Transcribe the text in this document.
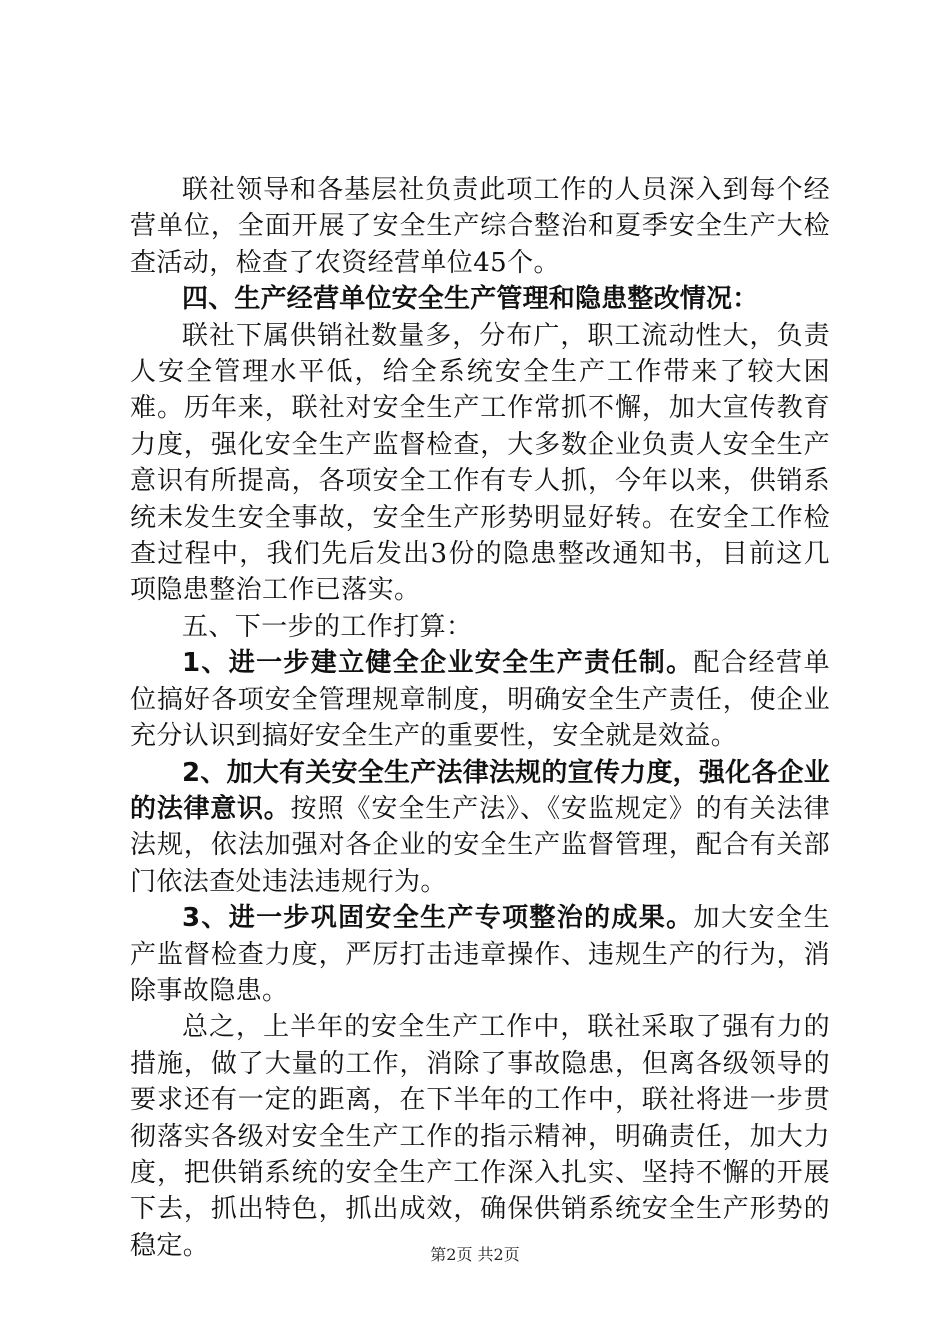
联社领导和各基层社负责此项工作的人员深入到每个经营单位，全面开展了安全生产综合整治和夏季安全生产大检查活动，检查了农资经营单位45个。

四、生产经营单位安全生产管理和隐患整改情况：

联社下属供销社数量多，分布广，职工流动性大，负责人安全管理水平低，给全系统安全生产工作带来了较大困难。历年来，联社对安全生产工作常抓不懈，加大宣传教育力度，强化安全生产监督检查，大多数企业负责人安全生产意识有所提高，各项安全工作有专人抓，今年以来，供销系统未发生安全事故，安全生产形势明显好转。在安全工作检查过程中，我们先后发出3份的隐患整改通知书，目前这几项隐患整治工作已落实。

五、下一步的工作打算：

1、进一步建立健全企业安全生产责任制。配合经营单位搞好各项安全管理规章制度，明确安全生产责任，使企业充分认识到搞好安全生产的重要性，安全就是效益。

2、加大有关安全生产法律法规的宣传力度，强化各企业的法律意识。按照《安全生产法》、《安监规定》的有关法律法规，依法加强对各企业的安全生产监督管理，配合有关部门依法查处违法违规行为。

3、进一步巩固安全生产专项整治的成果。加大安全生产监督检查力度，严厉打击违章操作、违规生产的行为，消除事故隐患。

总之，上半年的安全生产工作中，联社采取了强有力的措施，做了大量的工作，消除了事故隐患，但离各级领导的要求还有一定的距离，在下半年的工作中，联社将进一步贯彻落实各级对安全生产工作的指示精神，明确责任，加大力度，把供销系统的安全生产工作深入扎实、坚持不懈的开展下去，抓出特色，抓出成效，确保供销系统安全生产形势的稳定。	第2页 共2页
